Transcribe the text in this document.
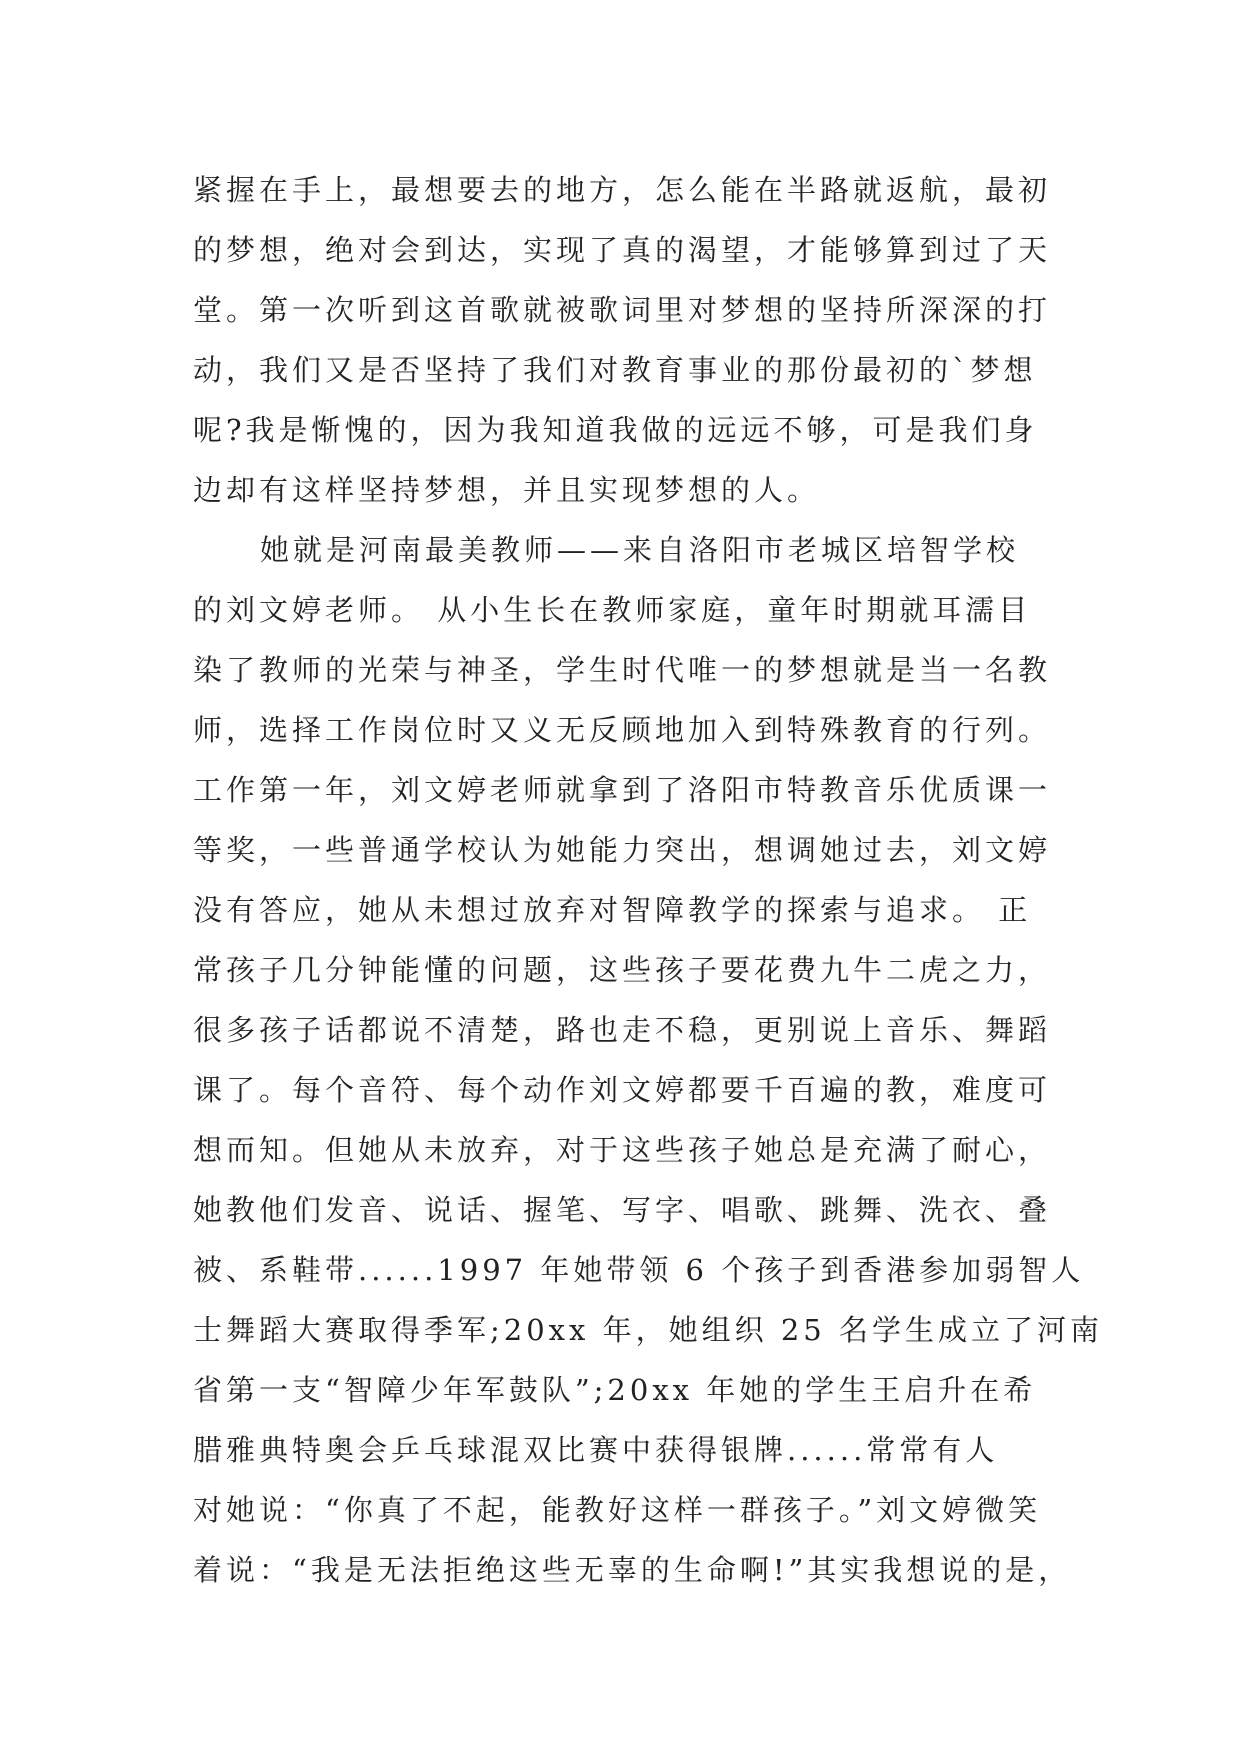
紧握在手上，最想要去的地方，怎么能在半路就返航，最初
的梦想，绝对会到达，实现了真的渴望，才能够算到过了天
堂。第一次听到这首歌就被歌词里对梦想的坚持所深深的打
动，我们又是否坚持了我们对教育事业的那份最初的`梦想
呢?我是惭愧的，因为我知道我做的远远不够，可是我们身
边却有这样坚持梦想，并且实现梦想的人。
她就是河南最美教师——来自洛阳市老城区培智学校
的刘文婷老师。 从小生长在教师家庭，童年时期就耳濡目
染了教师的光荣与神圣，学生时代唯一的梦想就是当一名教
师，选择工作岗位时又义无反顾地加入到特殊教育的行列。
工作第一年，刘文婷老师就拿到了洛阳市特教音乐优质课一
等奖，一些普通学校认为她能力突出，想调她过去，刘文婷
没有答应，她从未想过放弃对智障教学的探索与追求。 正
常孩子几分钟能懂的问题，这些孩子要花费九牛二虎之力，
很多孩子话都说不清楚，路也走不稳，更别说上音乐、舞蹈
课了。每个音符、每个动作刘文婷都要千百遍的教，难度可
想而知。但她从未放弃，对于这些孩子她总是充满了耐心，
她教他们发音、说话、握笔、写字、唱歌、跳舞、洗衣、叠
被、系鞋带......1997 年她带领 6 个孩子到香港参加弱智人
士舞蹈大赛取得季军;20xx 年，她组织 25 名学生成立了河南
省第一支“智障少年军鼓队”;20xx 年她的学生王启升在希
腊雅典特奥会乒乓球混双比赛中获得银牌......常常有人
对她说：“你真了不起，能教好这样一群孩子。”刘文婷微笑
着说：“我是无法拒绝这些无辜的生命啊!”其实我想说的是，
